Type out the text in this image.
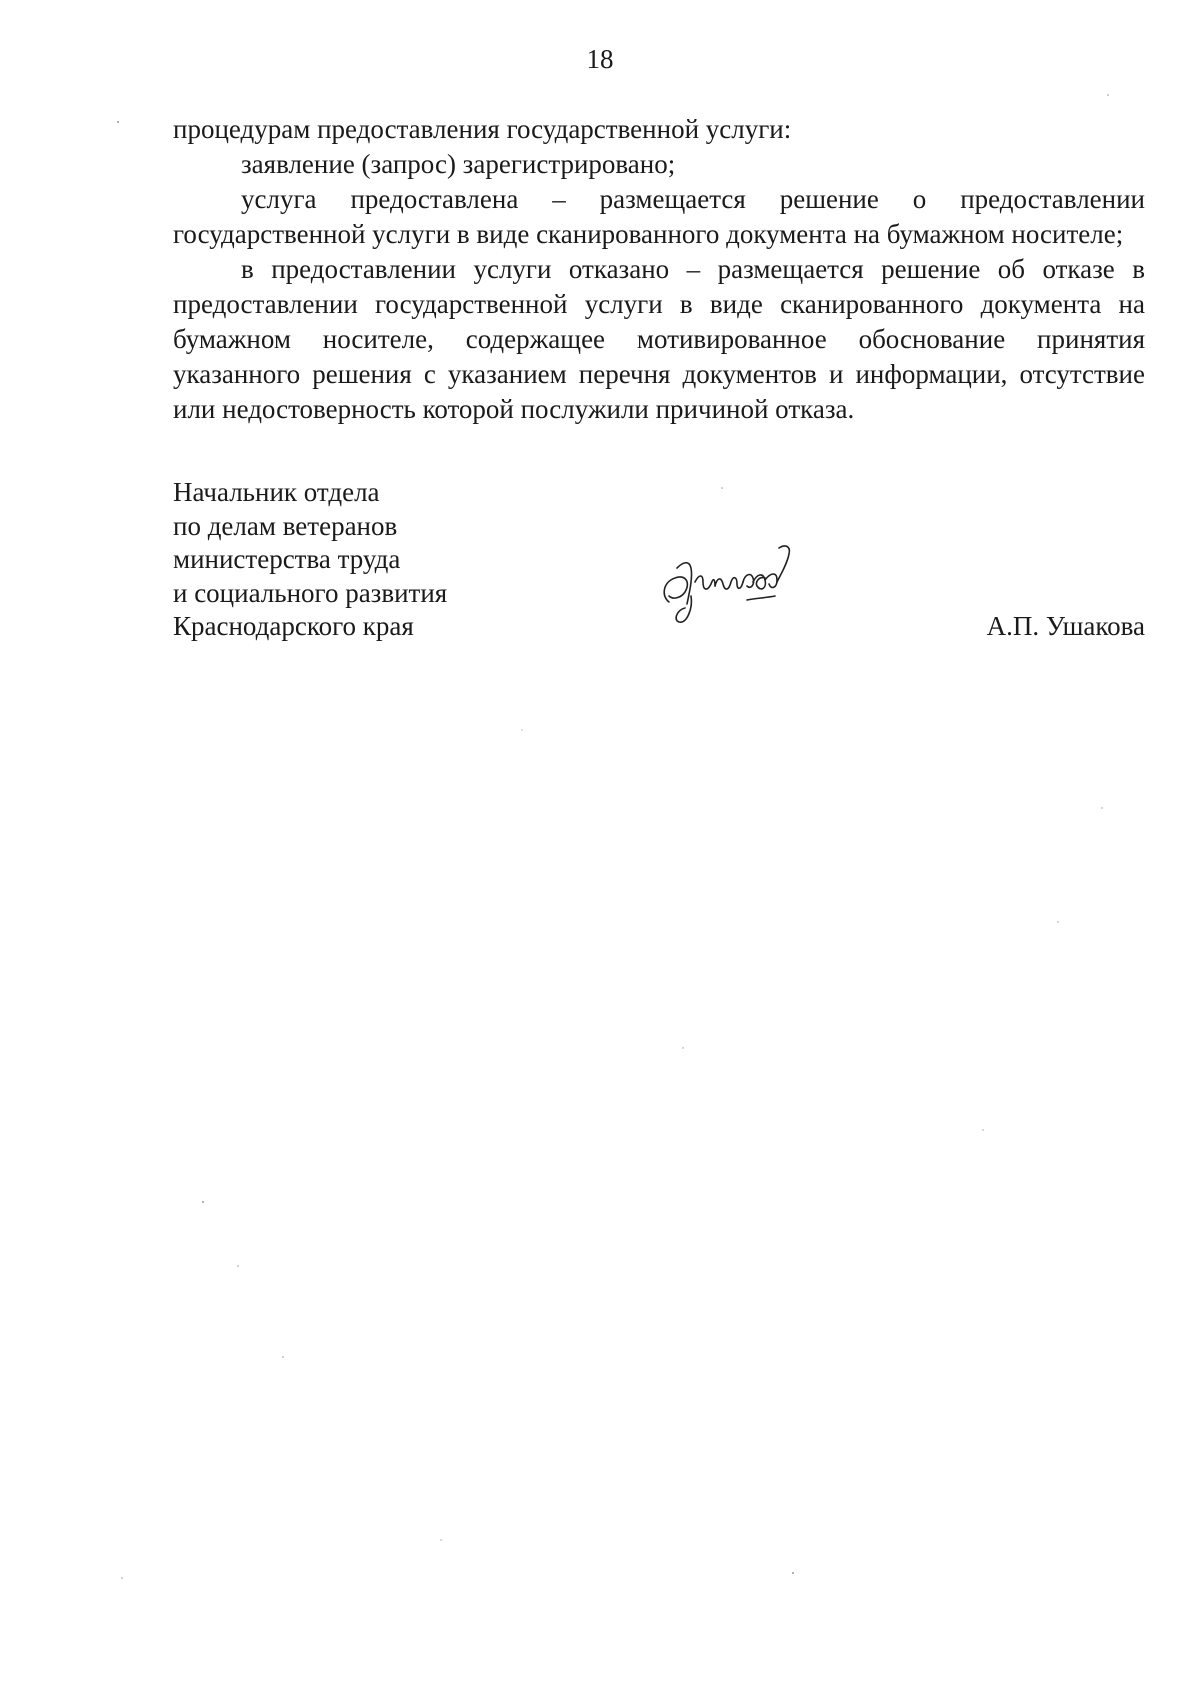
18

процедурам предоставления государственной услуги:

заявление (запрос) зарегистрировано;

услуга предоставлена – размещается решение о предоставлении государственной услуги в виде сканированного документа на бумажном носителе;

в предоставлении услуги отказано – размещается решение об отказе в предоставлении государственной услуги в виде сканированного документа на бумажном носителе, содержащее мотивированное обоснование принятия указанного решения с указанием перечня документов и информации, отсутствие или недостоверность которой послужили причиной отказа.

Начальник отдела
по делам ветеранов
министерства труда
и социального развития
Краснодарского края	А.П. Ушакова
